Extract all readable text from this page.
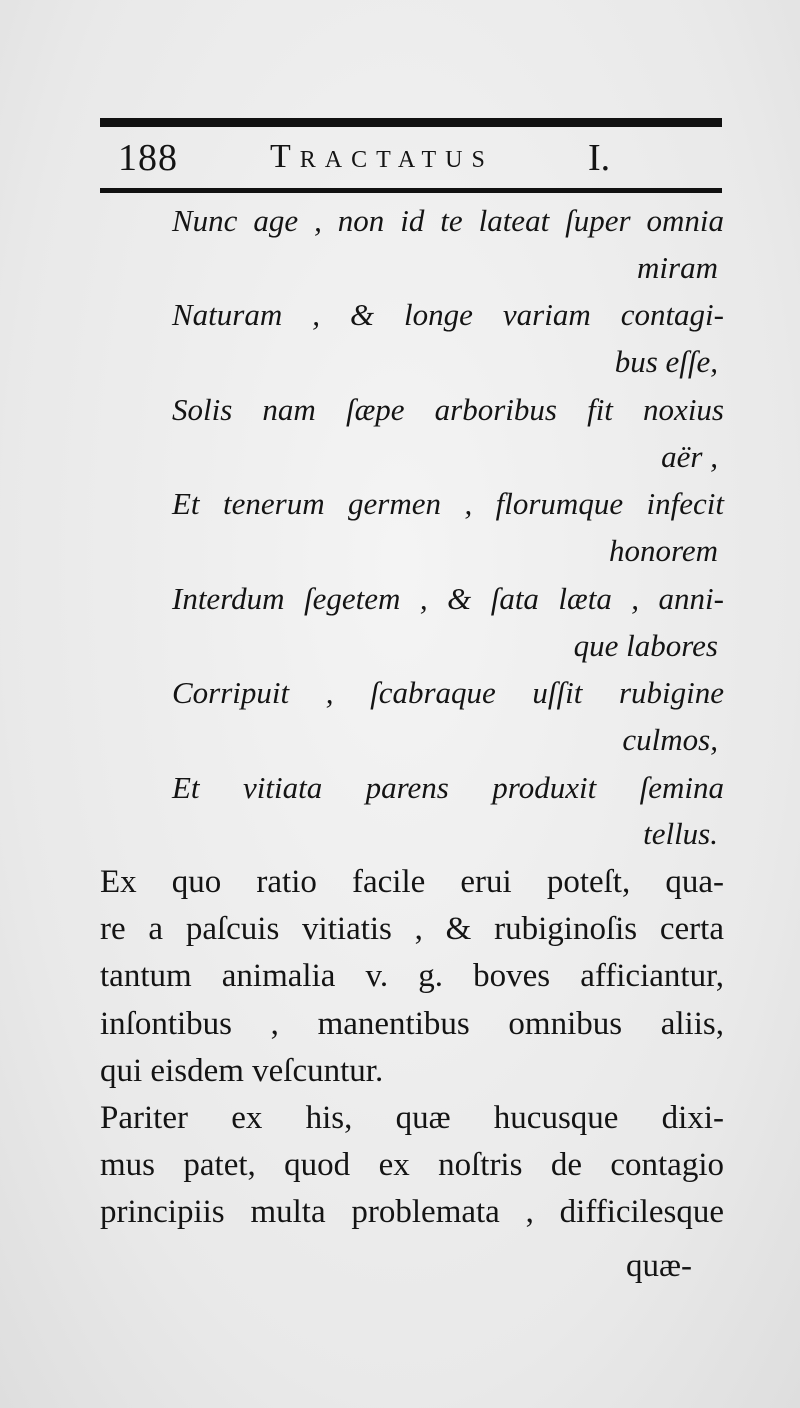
188	Tractatus I.
Nunc age , non id te lateat ſuper omnia
miram
Naturam , & longe variam contagi-
bus eſſe,
Solis nam ſæpe arboribus fit noxius
aër ,
Et tenerum germen , florumque infecit
honorem
Interdum ſegetem , & ſata læta , anni-
que labores
Corripuit , ſcabraque uſſit rubigine
culmos,
Et vitiata parens produxit ſemina
tellus.
Ex quo ratio facile erui poteſt, qua-
re a paſcuis vitiatis , & rubiginoſis certa
tantum animalia v. g. boves afficiantur,
inſontibus , manentibus omnibus aliis,
qui eisdem veſcuntur.
Pariter ex his, quæ hucusque dixi-
mus patet, quod ex noſtris de contagio
principiis multa problemata , difficilesque
quæ-
